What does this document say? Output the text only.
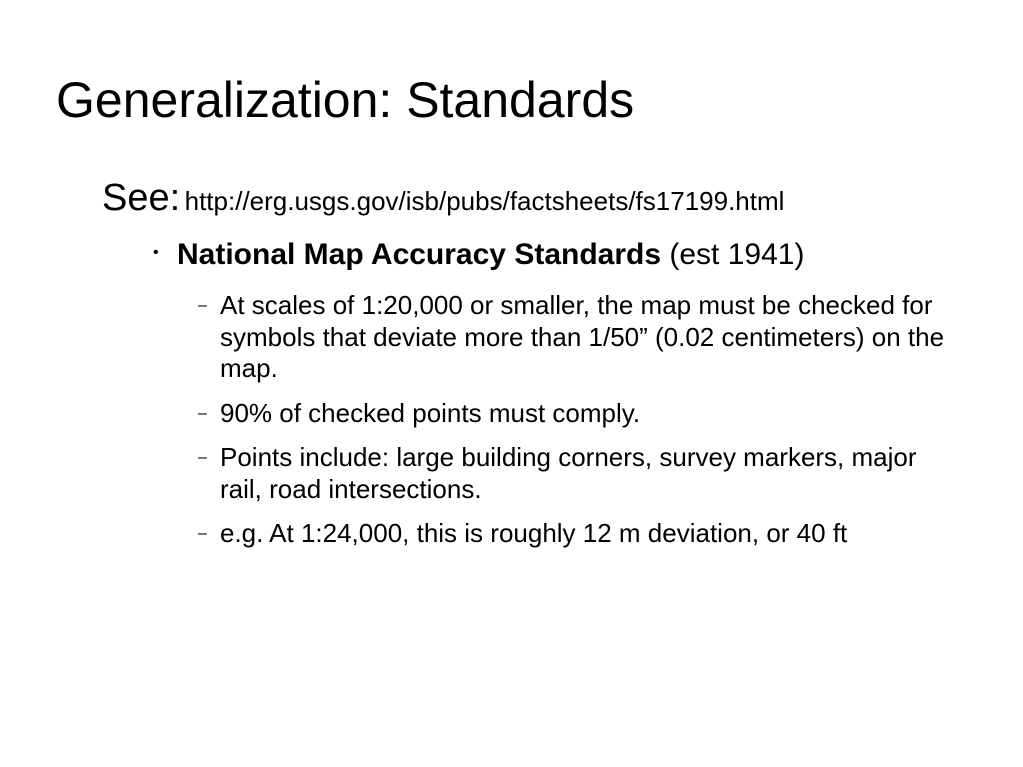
Generalization: Standards
See: http://erg.usgs.gov/isb/pubs/factsheets/fs17199.html
• National Map Accuracy Standards (est 1941)
– At scales of 1:20,000 or smaller, the map must be checked for symbols that deviate more than 1/50” (0.02 centimeters) on the map.
– 90% of checked points must comply.
– Points include: large building corners, survey markers, major rail, road intersections.
– e.g. At 1:24,000, this is roughly 12 m deviation, or 40 ft
